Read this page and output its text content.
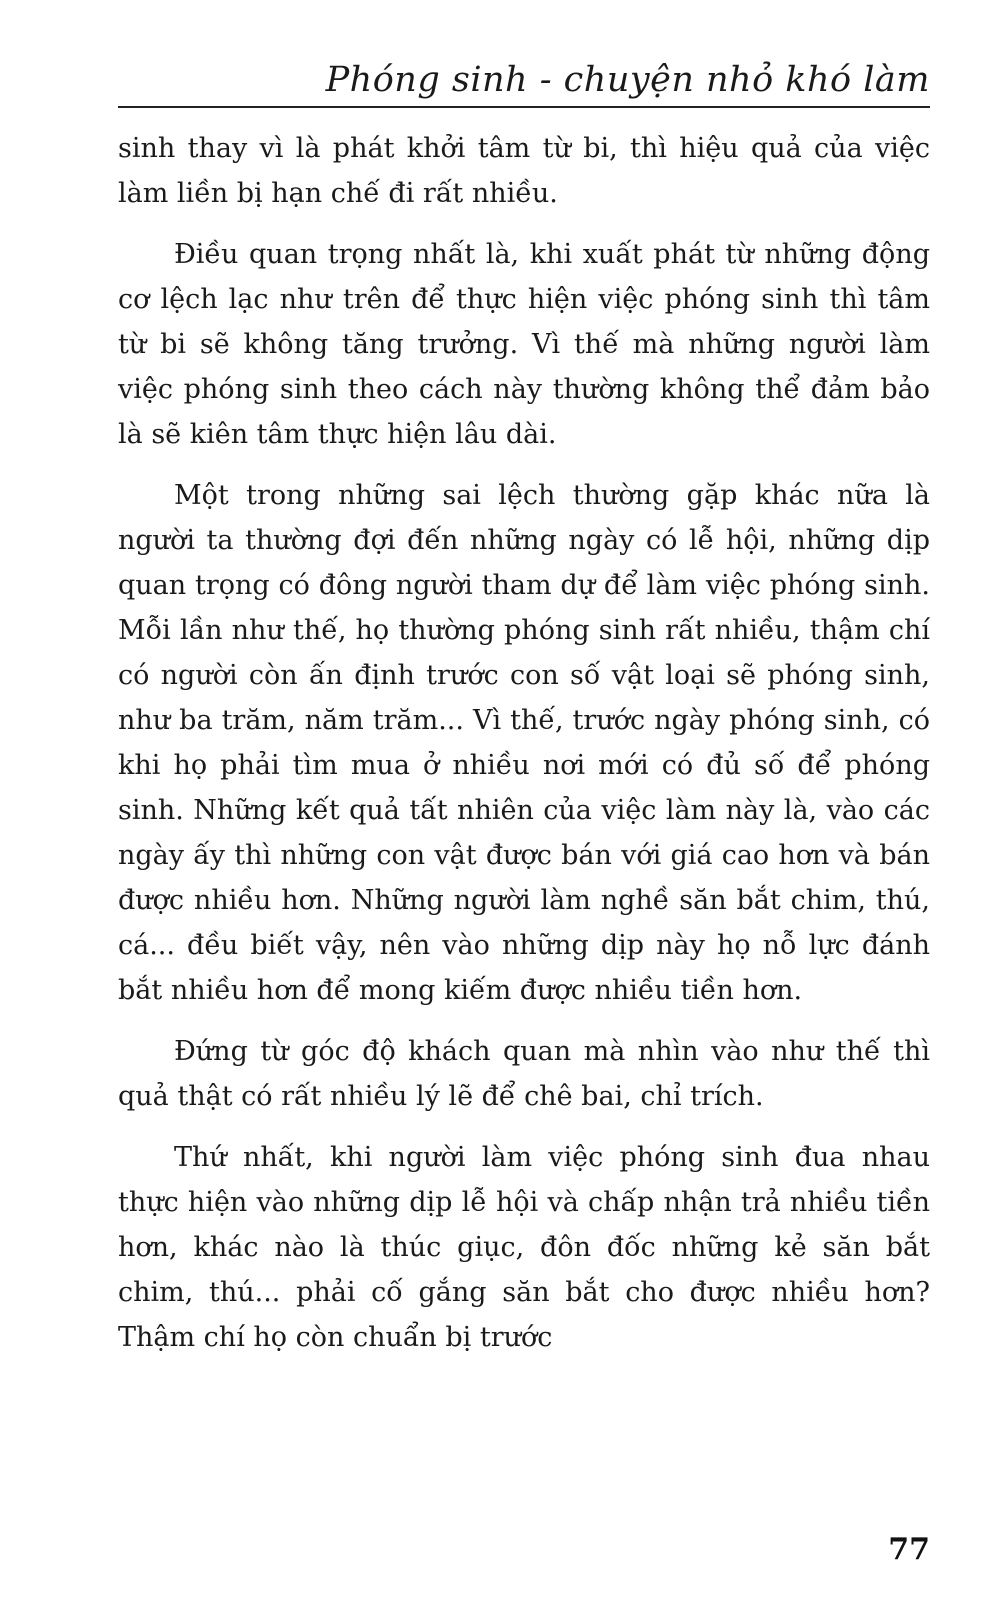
Phóng sinh - chuyện nhỏ khó làm

sinh thay vì là phát khởi tâm từ bi, thì hiệu quả của việc làm liền bị hạn chế đi rất nhiều.

Điều quan trọng nhất là, khi xuất phát từ những động cơ lệch lạc như trên để thực hiện việc phóng sinh thì tâm từ bi sẽ không tăng trưởng. Vì thế mà những người làm việc phóng sinh theo cách này thường không thể đảm bảo là sẽ kiên tâm thực hiện lâu dài.

Một trong những sai lệch thường gặp khác nữa là người ta thường đợi đến những ngày có lễ hội, những dịp quan trọng có đông người tham dự để làm việc phóng sinh. Mỗi lần như thế, họ thường phóng sinh rất nhiều, thậm chí có người còn ấn định trước con số vật loại sẽ phóng sinh, như ba trăm, năm trăm... Vì thế, trước ngày phóng sinh, có khi họ phải tìm mua ở nhiều nơi mới có đủ số để phóng sinh. Những kết quả tất nhiên của việc làm này là, vào các ngày ấy thì những con vật được bán với giá cao hơn và bán được nhiều hơn. Những người làm nghề săn bắt chim, thú, cá... đều biết vậy, nên vào những dịp này họ nỗ lực đánh bắt nhiều hơn để mong kiếm được nhiều tiền hơn.

Đứng từ góc độ khách quan mà nhìn vào như thế thì quả thật có rất nhiều lý lẽ để chê bai, chỉ trích.

Thứ nhất, khi người làm việc phóng sinh đua nhau thực hiện vào những dịp lễ hội và chấp nhận trả nhiều tiền hơn, khác nào là thúc giục, đôn đốc những kẻ săn bắt chim, thú... phải cố gắng săn bắt cho được nhiều hơn? Thậm chí họ còn chuẩn bị trước

77
